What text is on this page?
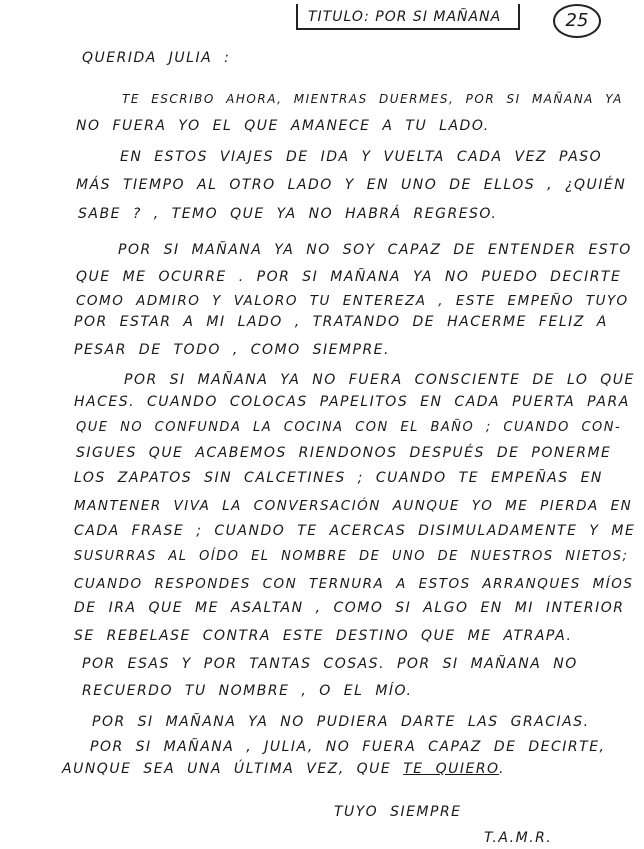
TITULO: POR SI MAÑANA	25
QUERIDA JULIA :
TE ESCRIBO AHORA, MIENTRAS DUERMES, POR SI MAÑANA YA
NO FUERA YO EL QUE AMANECE A TU LADO.
EN ESTOS VIAJES DE IDA Y VUELTA CADA VEZ PASO
MÁS TIEMPO AL OTRO LADO Y EN UNO DE ELLOS , ¿QUIÉN
SABE ? , TEMO QUE YA NO HABRÁ REGRESO.
POR SI MAÑANA YA NO SOY CAPAZ DE ENTENDER ESTO
QUE ME OCURRE . POR SI MAÑANA YA NO PUEDO DECIRTE
COMO ADMIRO Y VALORO TU ENTEREZA , ESTE EMPEÑO TUYO
POR ESTAR A MI LADO , TRATANDO DE HACERME FELIZ A
PESAR DE TODO , COMO SIEMPRE.
POR SI MAÑANA YA NO FUERA CONSCIENTE DE LO QUE
HACES. CUANDO COLOCAS PAPELITOS EN CADA PUERTA PARA
QUE NO CONFUNDA LA COCINA CON EL BAÑO ; CUANDO CON-
SIGUES QUE ACABEMOS RIENDONOS DESPUÉS DE PONERME
LOS ZAPATOS SIN CALCETINES ; CUANDO TE EMPEÑAS EN
MANTENER VIVA LA CONVERSACIÓN AUNQUE YO ME PIERDA EN
CADA FRASE ; CUANDO TE ACERCAS DISIMULADAMENTE Y ME
SUSURRAS AL OÍDO EL NOMBRE DE UNO DE NUESTROS NIETOS;
CUANDO RESPONDES CON TERNURA A ESTOS ARRANQUES MÍOS
DE IRA QUE ME ASALTAN , COMO SI ALGO EN MI INTERIOR
SE REBELASE CONTRA ESTE DESTINO QUE ME ATRAPA.
POR ESAS Y POR TANTAS COSAS. POR SI MAÑANA NO
RECUERDO TU NOMBRE , O EL MÍO.
POR SI MAÑANA YA NO PUDIERA DARTE LAS GRACIAS.
POR SI MAÑANA , JULIA, NO FUERA CAPAZ DE DECIRTE,
AUNQUE SEA UNA ÚLTIMA VEZ, QUE TE QUIERO.
TUYO SIEMPRE
T.A.M.R.
